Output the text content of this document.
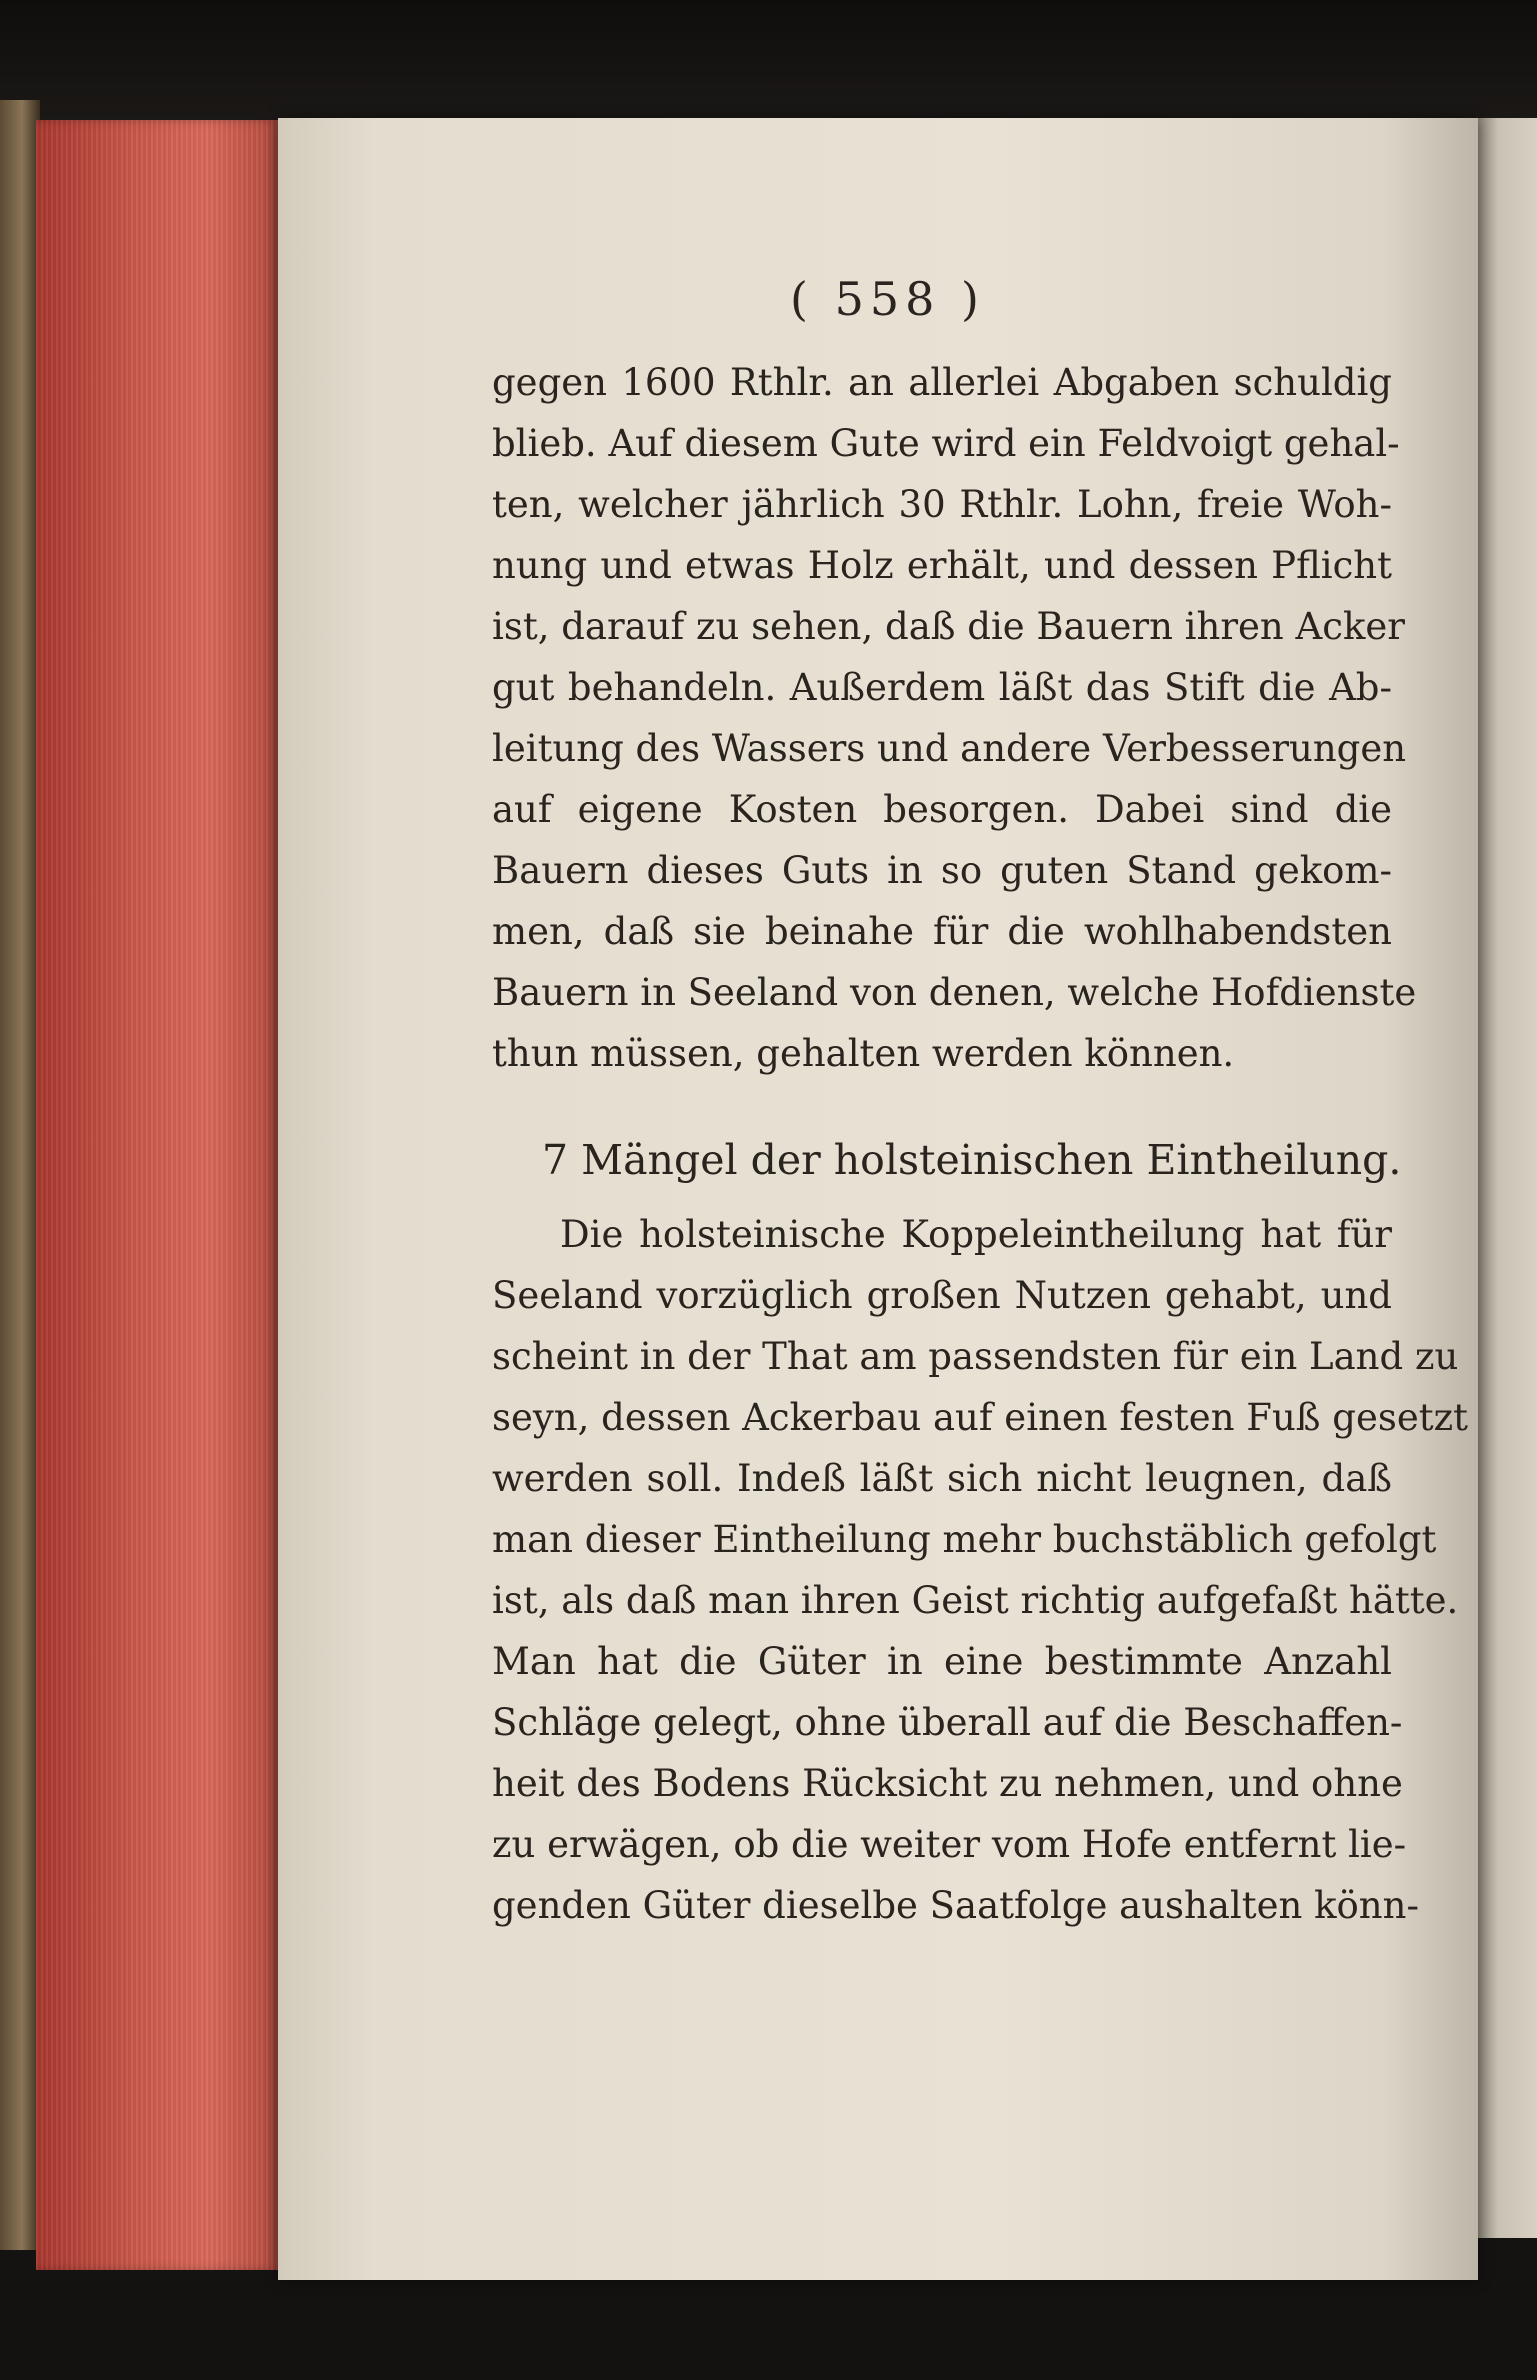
( 558 )
gegen 1600 Rthlr. an allerlei Abgaben schuldig
blieb. Auf diesem Gute wird ein Feldvoigt gehal-
ten, welcher jährlich 30 Rthlr. Lohn, freie Woh-
nung und etwas Holz erhält, und dessen Pflicht
ist, darauf zu sehen, daß die Bauern ihren Acker
gut behandeln. Außerdem läßt das Stift die Ab-
leitung des Wassers und andere Verbesserungen
auf eigene Kosten besorgen. Dabei sind die
Bauern dieses Guts in so guten Stand gekom-
men, daß sie beinahe für die wohlhabendsten
Bauern in Seeland von denen, welche Hofdienste
thun müssen, gehalten werden können.
7 Mängel der holsteinischen Eintheilung.
Die holsteinische Koppeleintheilung hat für
Seeland vorzüglich großen Nutzen gehabt, und
scheint in der That am passendsten für ein Land zu
seyn, dessen Ackerbau auf einen festen Fuß gesetzt
werden soll. Indeß läßt sich nicht leugnen, daß
man dieser Eintheilung mehr buchstäblich gefolgt
ist, als daß man ihren Geist richtig aufgefaßt hätte.
Man hat die Güter in eine bestimmte Anzahl
Schläge gelegt, ohne überall auf die Beschaffen-
heit des Bodens Rücksicht zu nehmen, und ohne
zu erwägen, ob die weiter vom Hofe entfernt lie-
genden Güter dieselbe Saatfolge aushalten könn-
